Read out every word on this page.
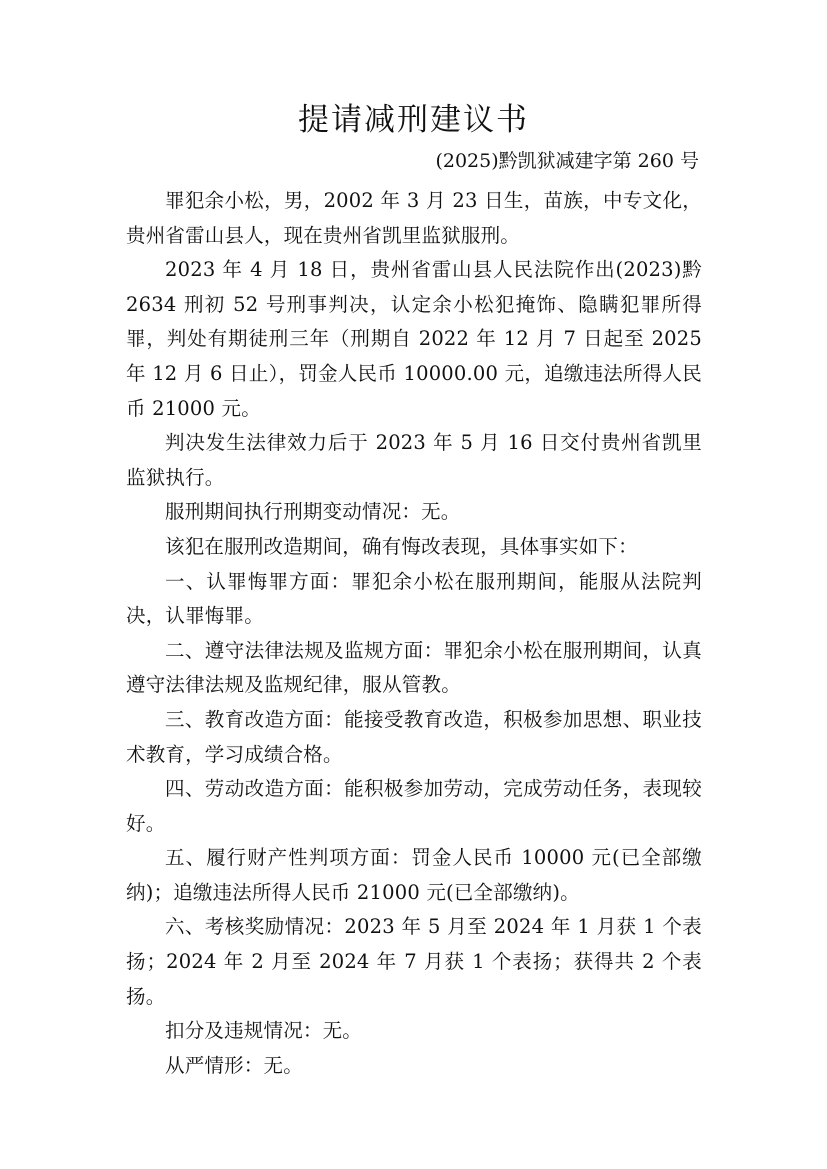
提请减刑建议书
(2025)黔凯狱减建字第 260 号

罪犯余小松，男，2002 年 3 月 23 日生，苗族，中专文化，贵州省雷山县人，现在贵州省凯里监狱服刑。

2023 年 4 月 18 日，贵州省雷山县人民法院作出(2023)黔 2634 刑初 52 号刑事判决，认定余小松犯掩饰、隐瞒犯罪所得罪，判处有期徒刑三年（刑期自 2022 年 12 月 7 日起至 2025 年 12 月 6 日止），罚金人民币 10000.00 元，追缴违法所得人民币 21000 元。

判决发生法律效力后于 2023 年 5 月 16 日交付贵州省凯里监狱执行。

服刑期间执行刑期变动情况：无。

该犯在服刑改造期间，确有悔改表现，具体事实如下：

一、认罪悔罪方面：罪犯余小松在服刑期间，能服从法院判决，认罪悔罪。

二、遵守法律法规及监规方面：罪犯余小松在服刑期间，认真遵守法律法规及监规纪律，服从管教。

三、教育改造方面：能接受教育改造，积极参加思想、职业技术教育，学习成绩合格。

四、劳动改造方面：能积极参加劳动，完成劳动任务，表现较好。

五、履行财产性判项方面：罚金人民币 10000 元(已全部缴纳)；追缴违法所得人民币 21000 元(已全部缴纳)。

六、考核奖励情况：2023 年 5 月至 2024 年 1 月获 1 个表扬；2024 年 2 月至 2024 年 7 月获 1 个表扬；获得共 2 个表扬。

扣分及违规情况：无。

从严情形：无。
